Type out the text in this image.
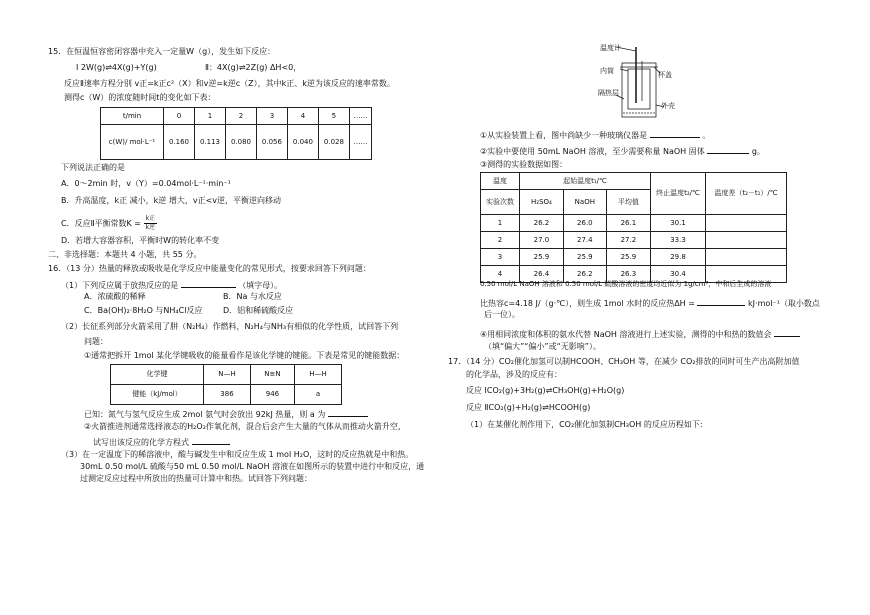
15．在恒温恒容密闭容器中充入一定量W（g），发生如下反应：
Ⅰ 2W(g)⇌4X(g)+Y(g)	Ⅱ：4X(g)⇌2Z(g) ΔH<0，
反应Ⅱ速率方程分别 v正=k正c²（X）和v逆=k逆c（Z），其中k正、k逆为该反应的速率常数。
测得c（W）的浓度随时间t的变化如下表：
t/min	0	1	2	3	4	5	……
c(W)/ mol·L⁻¹	0.160	0.113	0.080	0.056	0.040	0.028	……
下列说法正确的是
A．0～2min 时，v（Y）=0.04mol·L⁻¹·min⁻¹
B．升高温度，k正 减小，k逆 增大，v正<v逆，平衡逆向移动
C．反应Ⅱ平衡常数K =
k正
k逆
D．若增大容器容积，平衡时W的转化率不变
二、非选择题：本题共 4 小题，共 55 分。
16．（13 分）热量的释放或吸收是化学反应中能量变化的常见形式，按要求回答下列问题：
（1）下列反应属于放热反应的是	（填字母）。
A．浓硫酸的稀释	B．Na 与水反应
C．Ba(OH)₂·8H₂O 与NH₄Cl反应	D．铝和稀硫酸反应
（2）长征系列部分火箭采用了肼（N₂H₄）作燃料，N₂H₄与NH₃有相似的化学性质，试回答下列
问题：
①通常把拆开 1mol 某化学键吸收的能量看作是该化学键的键能。下表是常见的键能数据：
化学键	N—H	N≡N	H—H
键能（kJ/mol）	386	946	a
已知：氮气与氢气反应生成 2mol 氨气时会放出 92kJ 热量，则 a 为
②火箭推进剂通常选择液态的H₂O₂作氧化剂，混合后会产生大量的气体从而推动火箭升空，
试写出该反应的化学方程式
（3）在一定温度下的稀溶液中，酸与碱发生中和反应生成 1 mol H₂O，这时的反应热就是中和热。
30mL 0.50 mol/L 硫酸与50 mL 0.50 mol/L NaOH 溶液在如图所示的装置中进行中和反应，通
过测定反应过程中所放出的热量可计算中和热。试回答下列问题：
温度计
内筒	杯盖
隔热层
外壳
①从实验装置上看，图中尚缺少一种玻璃仪器是	。
②实验中要使用 50mL NaOH 溶液，至少需要称量 NaOH 固体	g。
③测得的实验数据如图：
温度	起始温度t₁/℃			终止温度t₂/℃	温度差（t₂－t₁）/℃
实验次数	H₂SO₄	NaOH	平均值		
1	26.2	26.0	26.1	30.1	
2	27.0	27.4	27.2	33.3	
3	25.9	25.9	25.9	29.8	
4	26.4	26.2	26.3	30.4	
0.50 mol/L NaOH 溶液和 0.50 mol/L 硫酸溶液的密度均近似为 1g/cm³，中和后生成的溶液
比热容c=4.18 J/（g·℃），则生成 1mol 水时的反应热ΔH =	kJ·mol⁻¹（取小数点
后一位）。
④用相同浓度和体积的氨水代替 NaOH 溶液进行上述实验，测得的中和热的数值会
（填“偏大”“偏小”或“无影响”）。
17．（14 分）CO₂催化加氢可以制HCOOH、CH₃OH 等，在减少 CO₂排放的同时可生产出高附加值
的化学品，涉及的反应有：
反应 ⅠCO₂(g)+3H₂(g)⇌CH₃OH(g)+H₂O(g)
反应 ⅡCO₂(g)+H₂(g)⇌HCOOH(g)
（1）在某催化剂作用下，CO₂催化加氢制CH₃OH 的反应历程如下:
